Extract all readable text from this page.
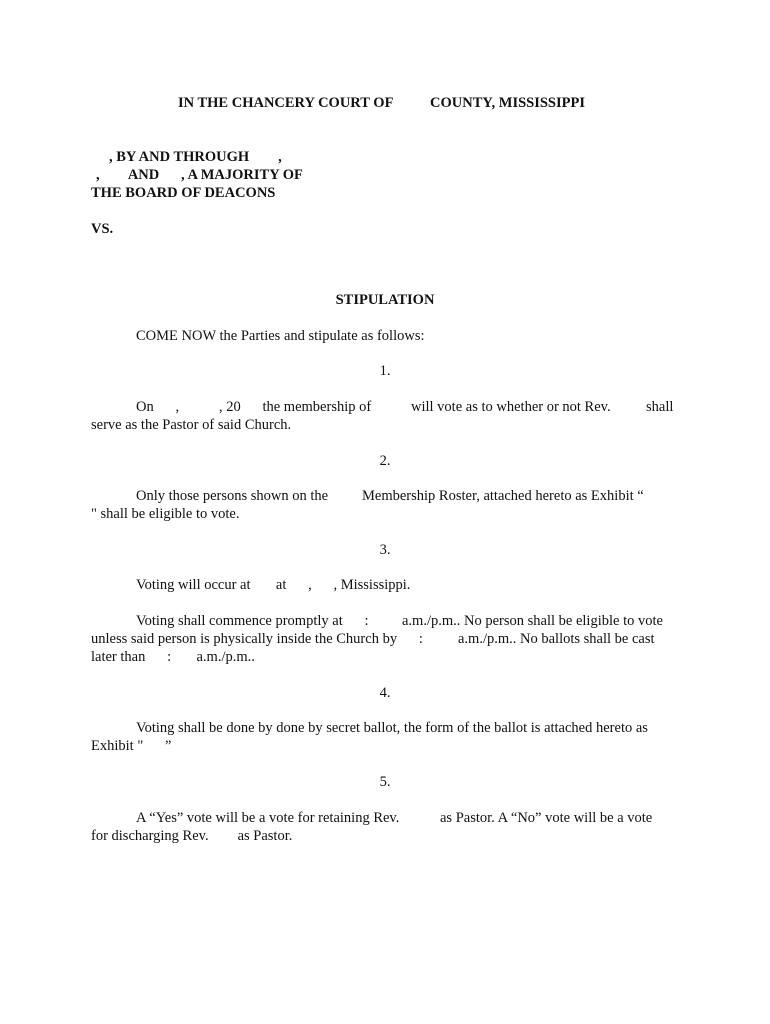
IN THE CHANCERY COURT OF	COUNTY, MISSISSIPPI
, BY AND THROUGH        ,
,        AND      , A MAJORITY OF
THE BOARD OF DEACONS
VS.
STIPULATION
COME NOW the Parties and stipulate as follows:
1.
On      ,           , 20      the membership of	will vote as to whether or not Rev. shall
serve as the Pastor of said Church.
2.
Only those persons shown on the Membership Roster, attached hereto as Exhibit “
" shall be eligible to vote.
3.
Voting will occur at       at      ,      , Mississippi.
Voting shall commence promptly at      : a.m./p.m.. No person shall be eligible to vote
unless said person is physically inside the Church by      : a.m./p.m.. No ballots shall be cast
later than      :       a.m./p.m..
4.
Voting shall be done by done by secret ballot, the form of the ballot is attached hereto as
Exhibit "      ”
5.
A “Yes” vote will be a vote for retaining Rev.	as Pastor. A “No” vote will be a vote
for discharging Rev.        as Pastor.
